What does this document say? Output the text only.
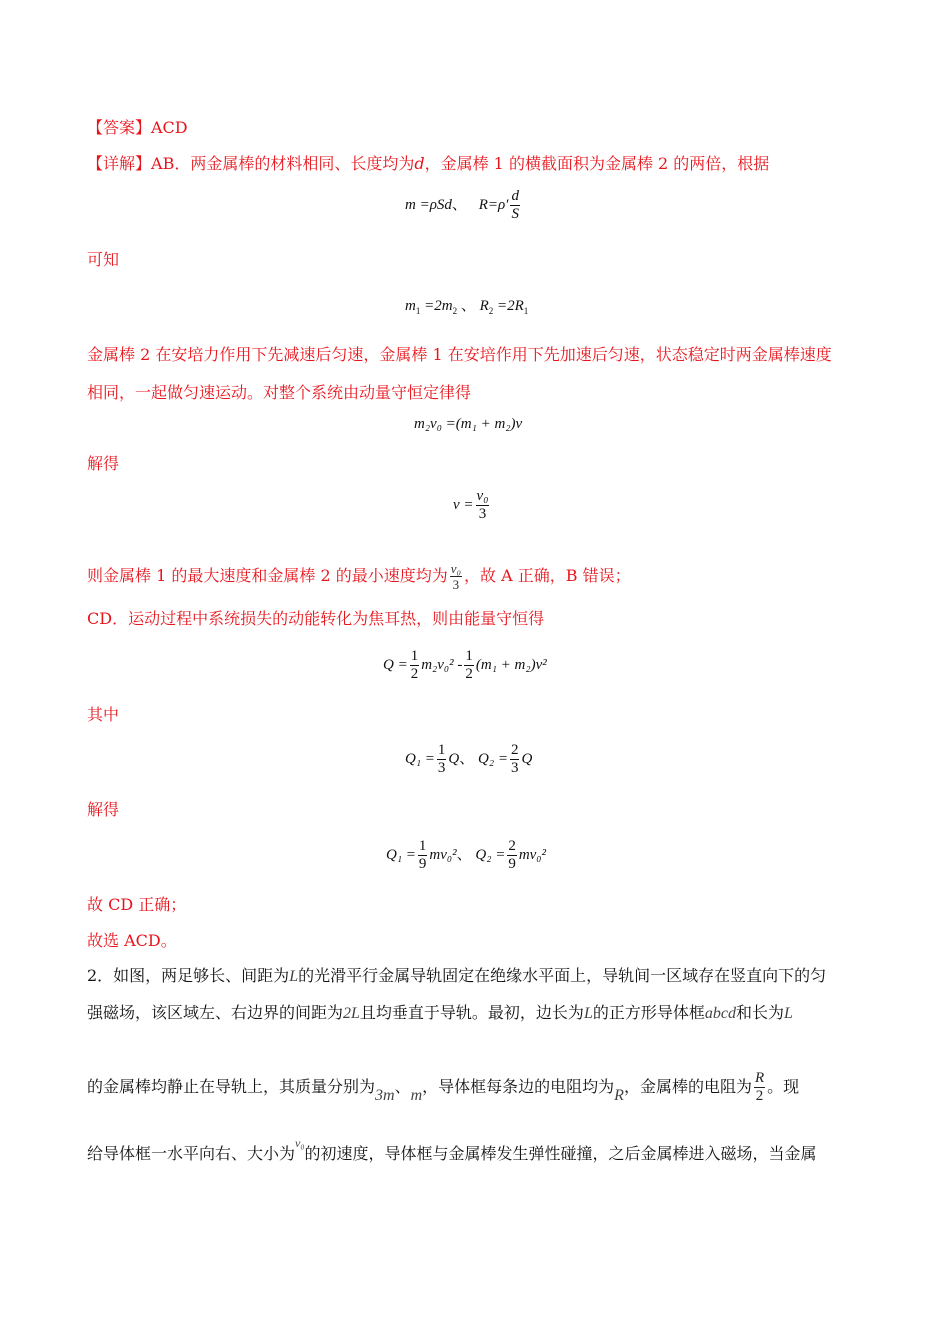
【答案】ACD
【详解】AB．两金属棒的材料相同、长度均为d，金属棒 1 的横截面积为金属棒 2 的两倍，根据
m =ρSd、 $R=\rho' \frac{d}{S}$
可知
$m_1 =2m_2$ 、 $R_2 =2R_1$
金属棒 2 在安培力作用下先减速后匀速，金属棒 1 在安培作用下先加速后匀速，状态稳定时两金属棒速度
相同，一起做匀速运动。对整个系统由动量守恒定律得
m₂v₀ =(m₁ + m₂)v
解得
$v = \frac{\text{v₀}}{3}$
则金属棒 1 的最大速度和金属棒 2 的最小速度均为 $\frac{\text{v₀}}{3}$ ，故 A 正确，B 错误；
CD．运动过程中系统损失的动能转化为焦耳热，则由能量守恒得
$Q = \frac{1}{2} m_2v_0^2 - \frac{1}{2} (m_1 + m_2)v^2$
其中
$Q_1 = \frac{1}{3}$ Q、 $Q_2 = \frac{2}{3}$ Q
解得
$Q_1 = \frac{1}{9} mv_0^2$、 $Q_2 = \frac{2}{9} mv_0^2$
故 CD 正确；
故选 ACD。
2．如图，两足够长、间距为L的光滑平行金属导轨固定在绝缘水平面上，导轨间一区域存在竖直向下的匀
强磁场，该区域左、右边界的间距为2L且均垂直于导轨。最初，边长为L的正方形导体框abcd和长为L
的金属棒均静止在导轨上，其质量分别为3m、m，导体框每条边的电阻均为R，金属棒的电阻为 $\frac{R}{2}$ 。现
给导体框一水平向右、大小为$^{v_0}$的初速度，导体框与金属棒发生弹性碰撞，之后金属棒进入磁场，当金属
